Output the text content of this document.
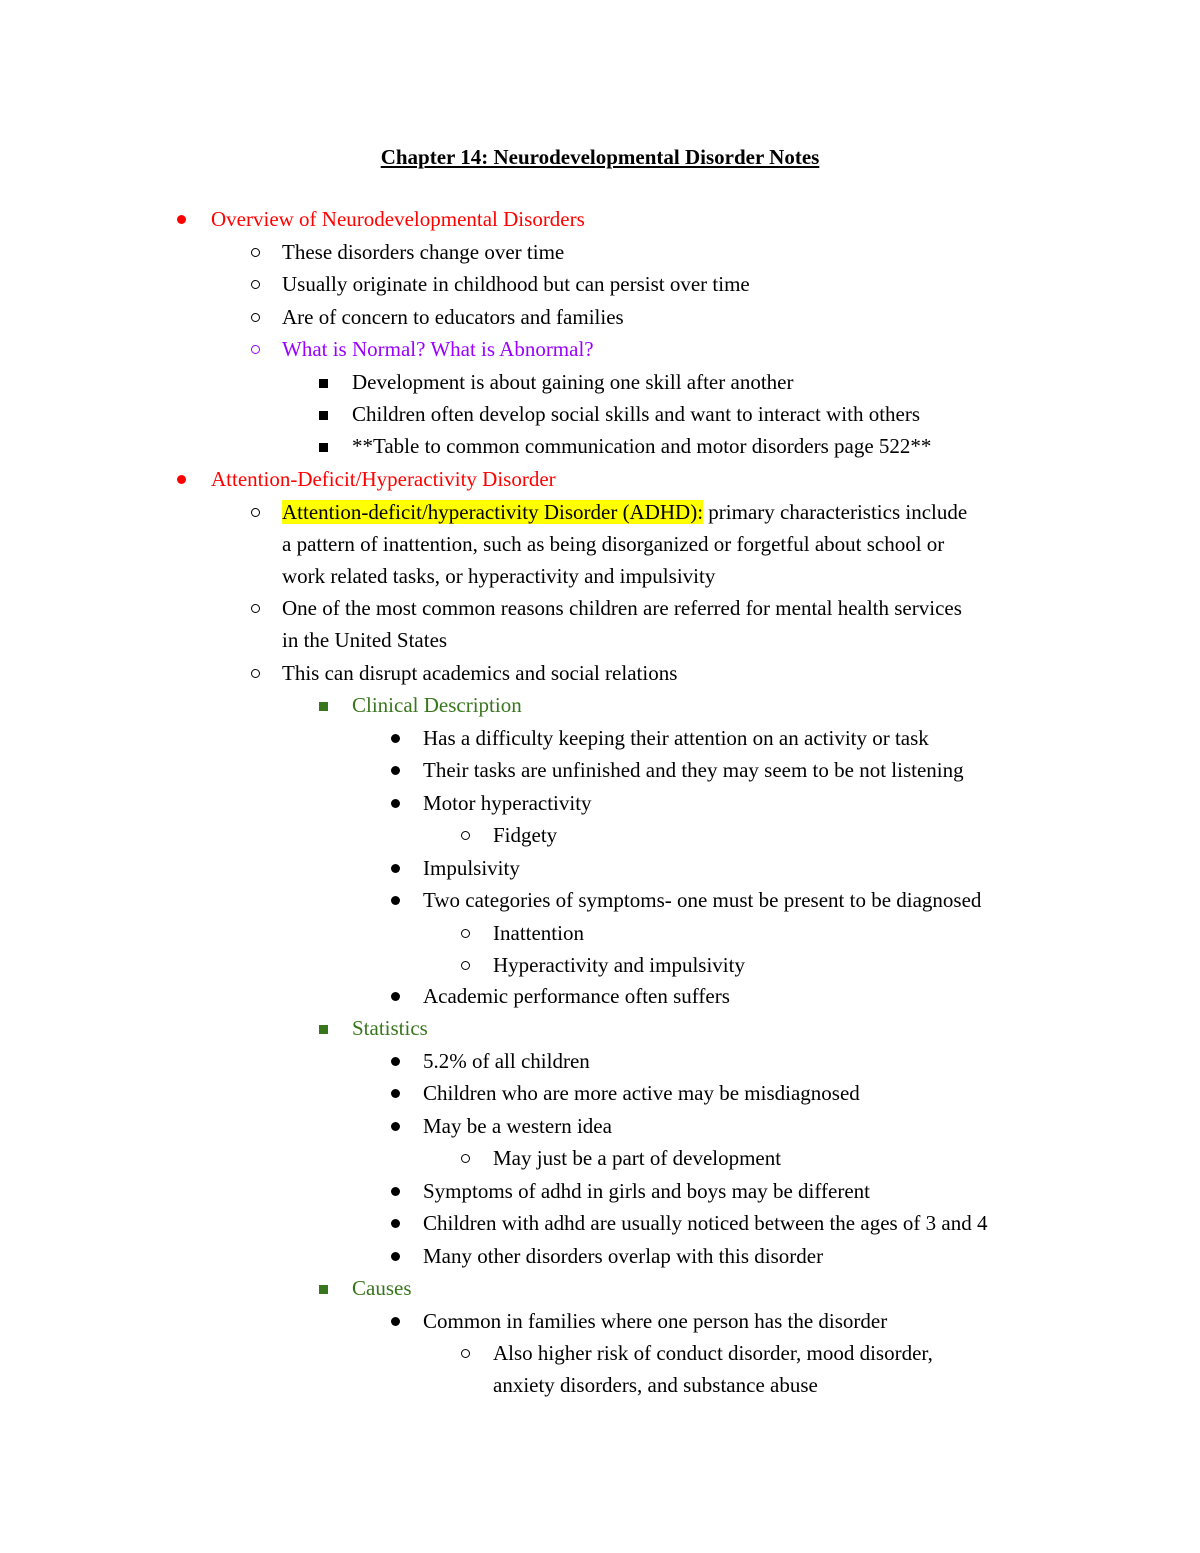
Chapter 14: Neurodevelopmental Disorder Notes
Overview of Neurodevelopmental Disorders
These disorders change over time
Usually originate in childhood but can persist over time
Are of concern to educators and families
What is Normal? What is Abnormal?
Development is about gaining one skill after another
Children often develop social skills and want to interact with others
**Table to common communication and motor disorders page 522**
Attention-Deficit/Hyperactivity Disorder
Attention-deficit/hyperactivity Disorder (ADHD): primary characteristics include
a pattern of inattention, such as being disorganized or forgetful about school or
work related tasks, or hyperactivity and impulsivity
One of the most common reasons children are referred for mental health services
in the United States
This can disrupt academics and social relations
Clinical Description
Has a difficulty keeping their attention on an activity or task
Their tasks are unfinished and they may seem to be not listening
Motor hyperactivity
Fidgety
Impulsivity
Two categories of symptoms- one must be present to be diagnosed
Inattention
Hyperactivity and impulsivity
Academic performance often suffers
Statistics
5.2% of all children
Children who are more active may be misdiagnosed
May be a western idea
May just be a part of development
Symptoms of adhd in girls and boys may be different
Children with adhd are usually noticed between the ages of 3 and 4
Many other disorders overlap with this disorder
Causes
Common in families where one person has the disorder
Also higher risk of conduct disorder, mood disorder,
anxiety disorders, and substance abuse
